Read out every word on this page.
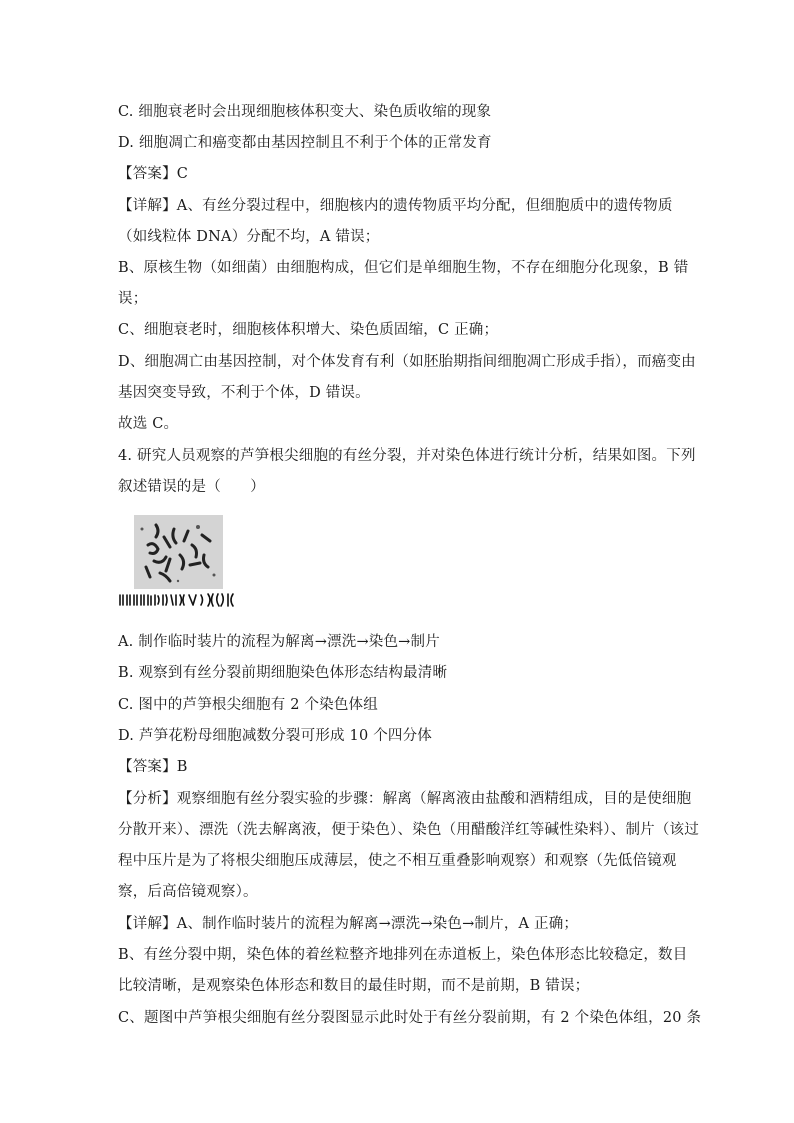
C. 细胞衰老时会出现细胞核体积变大、染色质收缩的现象
D. 细胞凋亡和癌变都由基因控制且不利于个体的正常发育
【答案】C
【详解】A、有丝分裂过程中，细胞核内的遗传物质平均分配，但细胞质中的遗传物质
（如线粒体 DNA）分配不均，A 错误；
B、原核生物（如细菌）由细胞构成，但它们是单细胞生物，不存在细胞分化现象，B 错
误；
C、细胞衰老时，细胞核体积增大、染色质固缩，C 正确；
D、细胞凋亡由基因控制，对个体发育有利（如胚胎期指间细胞凋亡形成手指），而癌变由
基因突变导致，不利于个体，D 错误。
故选 C。
4. 研究人员观察的芦笋根尖细胞的有丝分裂，并对染色体进行统计分析，结果如图。下列
叙述错误的是（　　）
A. 制作临时装片的流程为解离→漂洗→染色→制片
B. 观察到有丝分裂前期细胞染色体形态结构最清晰
C. 图中的芦笋根尖细胞有 2 个染色体组
D. 芦笋花粉母细胞减数分裂可形成 10 个四分体
【答案】B
【分析】观察细胞有丝分裂实验的步骤：解离（解离液由盐酸和酒精组成，目的是使细胞
分散开来）、漂洗（洗去解离液，便于染色）、染色（用醋酸洋红等碱性染料）、制片（该过
程中压片是为了将根尖细胞压成薄层，使之不相互重叠影响观察）和观察（先低倍镜观
察，后高倍镜观察）。
【详解】A、制作临时装片的流程为解离→漂洗→染色→制片，A 正确；
B、有丝分裂中期，染色体的着丝粒整齐地排列在赤道板上，染色体形态比较稳定，数目
比较清晰，是观察染色体形态和数目的最佳时期，而不是前期，B 错误；
C、题图中芦笋根尖细胞有丝分裂图显示此时处于有丝分裂前期，有 2 个染色体组，20 条
